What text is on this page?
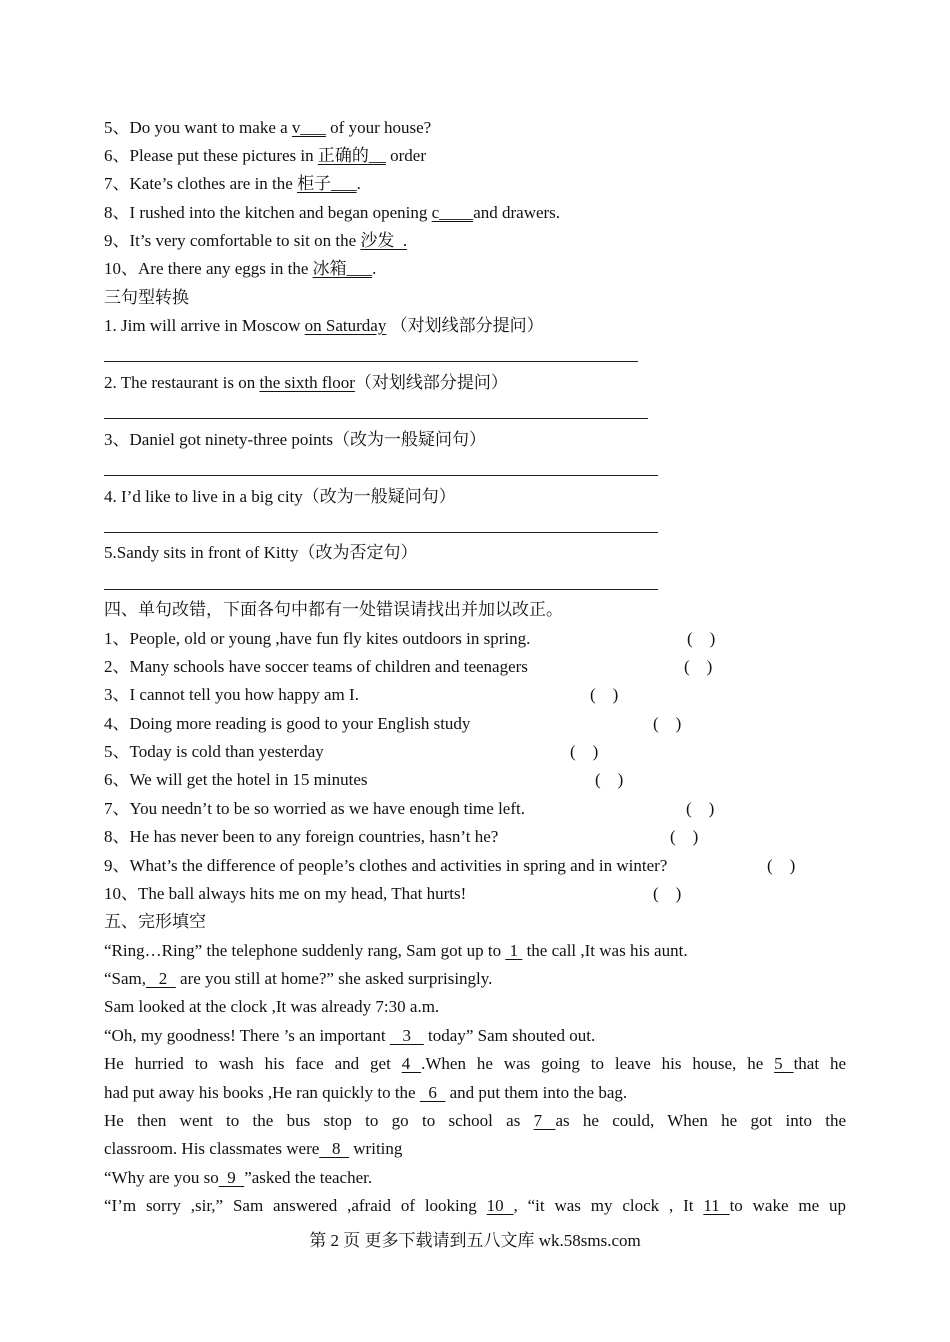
5、Do you want to make a v___ of your house?
6、Please put these pictures in 正确的__ order
7、Kate’s clothes are in the 柜子___.
8、I rushed into the kitchen and began opening c____and drawers.
9、It’s very comfortable to sit on the 沙发  .
10、Are there any eggs in the 冰箱___.
三句型转换
1. Jim will arrive in Moscow on Saturday （对划线部分提问）
2. The restaurant is on the sixth floor（对划线部分提问）
3、Daniel got ninety-three points（改为一般疑问句）
4. I’d like to live in a big city（改为一般疑问句）
5.Sandy sits in front of Kitty（改为否定句）
四、单句改错，下面各句中都有一处错误请找出并加以改正。
1、People, old or young ,have fun fly kites outdoors in spring.	(    )
2、Many schools have soccer teams of children and teenagers	(    )
3、I cannot tell you how happy am I.	(    )
4、Doing more reading is good to your English study	(    )
5、Today is cold than yesterday	(    )
6、We will get the hotel in 15 minutes	(    )
7、You needn’t to be so worried as we have enough time left.	(    )
8、He has never been to any foreign countries, hasn’t he?	(    )
9、What’s the difference of people’s clothes and activities in spring and in winter?	(    )
10、The ball always hits me on my head, That hurts!	(    )
五、完形填空
“Ring…Ring” the telephone suddenly rang, Sam got up to  1  the call ,It was his aunt.
“Sam,   2   are you still at home?” she asked surprisingly.
Sam looked at the clock ,It was already 7:30 a.m.
“Oh, my goodness! There ’s an important    3    today” Sam shouted out.
He hurried to wash his face and get 4 .When he was going to leave his house, he 5 that he
had put away his books ,He ran quickly to the   6   and put them into the bag.
He then went to the bus stop to go to school as 7 as he could, When he got into the
classroom. His classmates were   8   writing
“Why are you so  9  ”asked the teacher.
“I’m sorry ,sir,” Sam answered ,afraid of looking 10 , “it was my clock , It 11 to wake me up
第 2 页 更多下载请到五八文库 wk.58sms.com
